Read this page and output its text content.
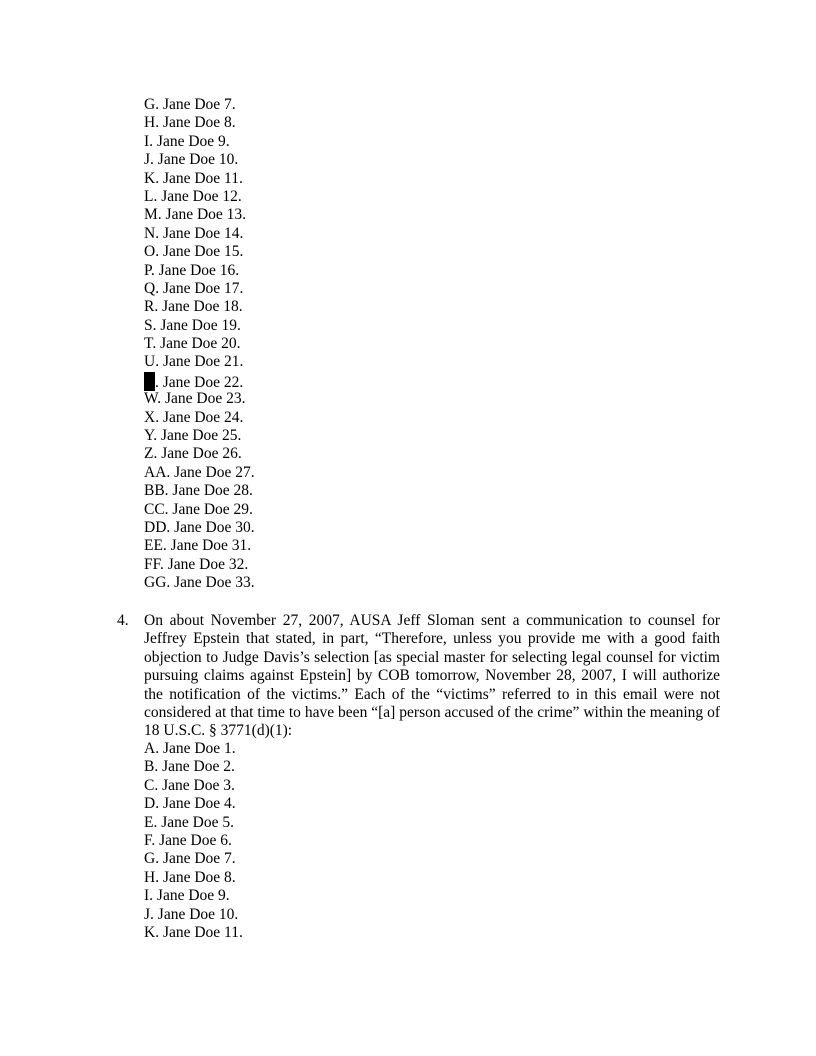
G. Jane Doe 7.
H. Jane Doe 8.
I. Jane Doe 9.
J. Jane Doe 10.
K. Jane Doe 11.
L. Jane Doe 12.
M. Jane Doe 13.
N. Jane Doe 14.
O. Jane Doe 15.
P. Jane Doe 16.
Q. Jane Doe 17.
R. Jane Doe 18.
S. Jane Doe 19.
T. Jane Doe 20.
U. Jane Doe 21.
. Jane Doe 22.
W. Jane Doe 23.
X. Jane Doe 24.
Y. Jane Doe 25.
Z. Jane Doe 26.
AA. Jane Doe 27.
BB. Jane Doe 28.
CC. Jane Doe 29.
DD. Jane Doe 30.
EE. Jane Doe 31.
FF. Jane Doe 32.
GG. Jane Doe 33.
4. On about November 27, 2007, AUSA Jeff Sloman sent a communication to counsel for Jeffrey Epstein that stated, in part, “Therefore, unless you provide me with a good faith objection to Judge Davis’s selection [as special master for selecting legal counsel for victim pursuing claims against Epstein] by COB tomorrow, November 28, 2007, I will authorize the notification of the victims.” Each of the “victims” referred to in this email were not considered at that time to have been “[a] person accused of the crime” within the meaning of 18 U.S.C. § 3771(d)(1):

A. Jane Doe 1.
B. Jane Doe 2.
C. Jane Doe 3.
D. Jane Doe 4.
E. Jane Doe 5.
F. Jane Doe 6.
G. Jane Doe 7.
H. Jane Doe 8.
I. Jane Doe 9.
J. Jane Doe 10.
K. Jane Doe 11.
